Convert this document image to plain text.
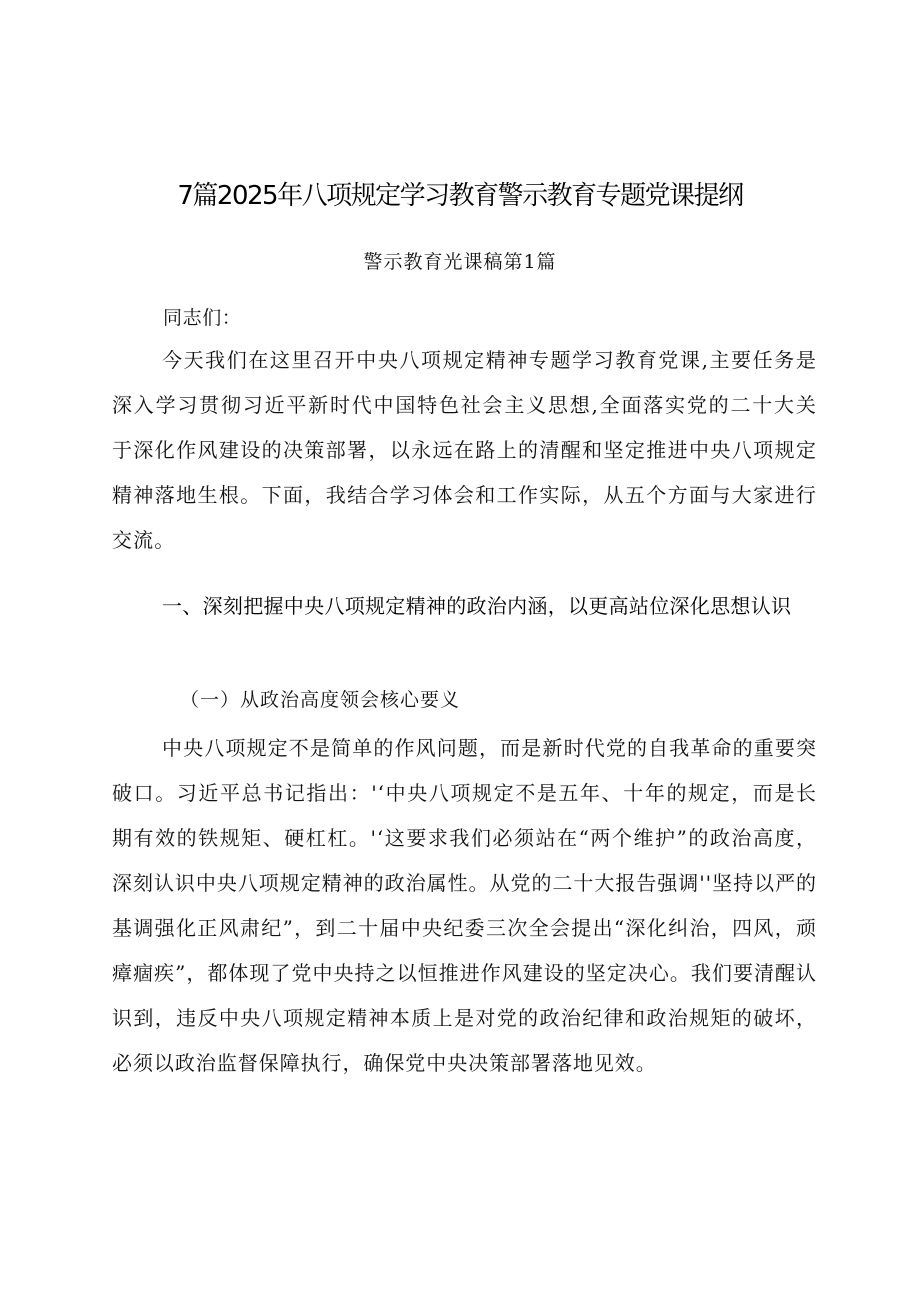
7篇2025年八项规定学习教育警示教育专题党课提纲
警示教育光课稿第1篇
同志们：
今天我们在这里召开中央八项规定精神专题学习教育党课,主要任务是深入学习贯彻习近平新时代中国特色社会主义思想,全面落实党的二十大关于深化作风建设的决策部署，以永远在路上的清醒和坚定推进中央八项规定精神落地生根。下面，我结合学习体会和工作实际，从五个方面与大家进行交流。
一、深刻把握中央八项规定精神的政治内涵，以更高站位深化思想认识
（一）从政治高度领会核心要义
中央八项规定不是简单的作风问题，而是新时代党的自我革命的重要突破口。习近平总书记指出：'‘中央八项规定不是五年、十年的规定，而是长期有效的铁规矩、硬杠杠。'‘这要求我们必须站在“两个维护”的政治高度，深刻认识中央八项规定精神的政治属性。从党的二十大报告强调''坚持以严的基调强化正风肃纪”，到二十届中央纪委三次全会提出“深化纠治，四风，顽瘴痼疾”，都体现了党中央持之以恒推进作风建设的坚定决心。我们要清醒认识到，违反中央八项规定精神本质上是对党的政治纪律和政治规矩的破坏，必须以政治监督保障执行，确保党中央决策部署落地见效。
